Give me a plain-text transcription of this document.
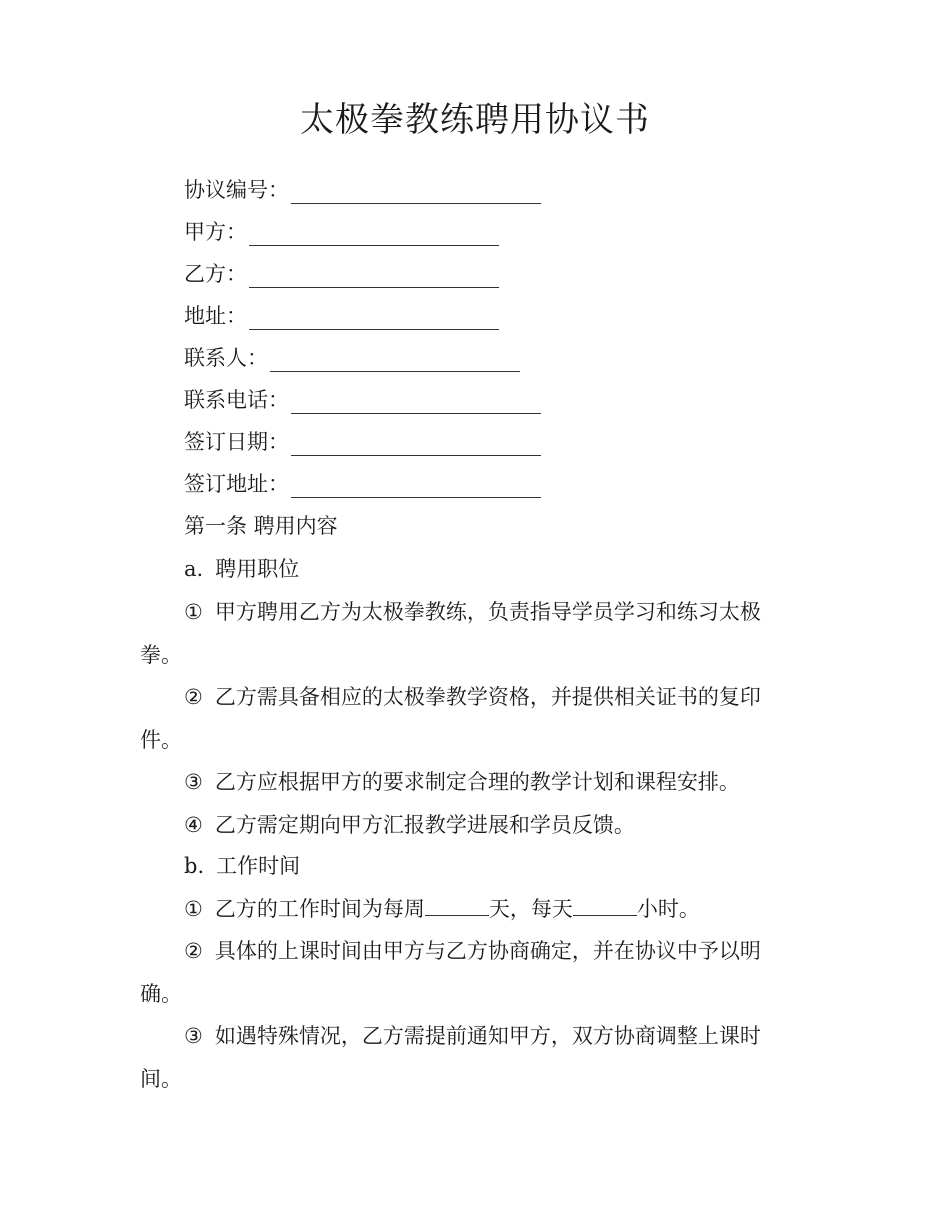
太极拳教练聘用协议书
协议编号：
甲方：
乙方：
地址：
联系人：
联系电话：
签订日期：
签订地址：
第一条 聘用内容
a. 聘用职位
① 甲方聘用乙方为太极拳教练，负责指导学员学习和练习太极
拳。
② 乙方需具备相应的太极拳教学资格，并提供相关证书的复印
件。
③ 乙方应根据甲方的要求制定合理的教学计划和课程安排。
④ 乙方需定期向甲方汇报教学进展和学员反馈。
b. 工作时间
① 乙方的工作时间为每周	天，每天	小时。
② 具体的上课时间由甲方与乙方协商确定，并在协议中予以明
确。
③ 如遇特殊情况，乙方需提前通知甲方，双方协商调整上课时
间。
